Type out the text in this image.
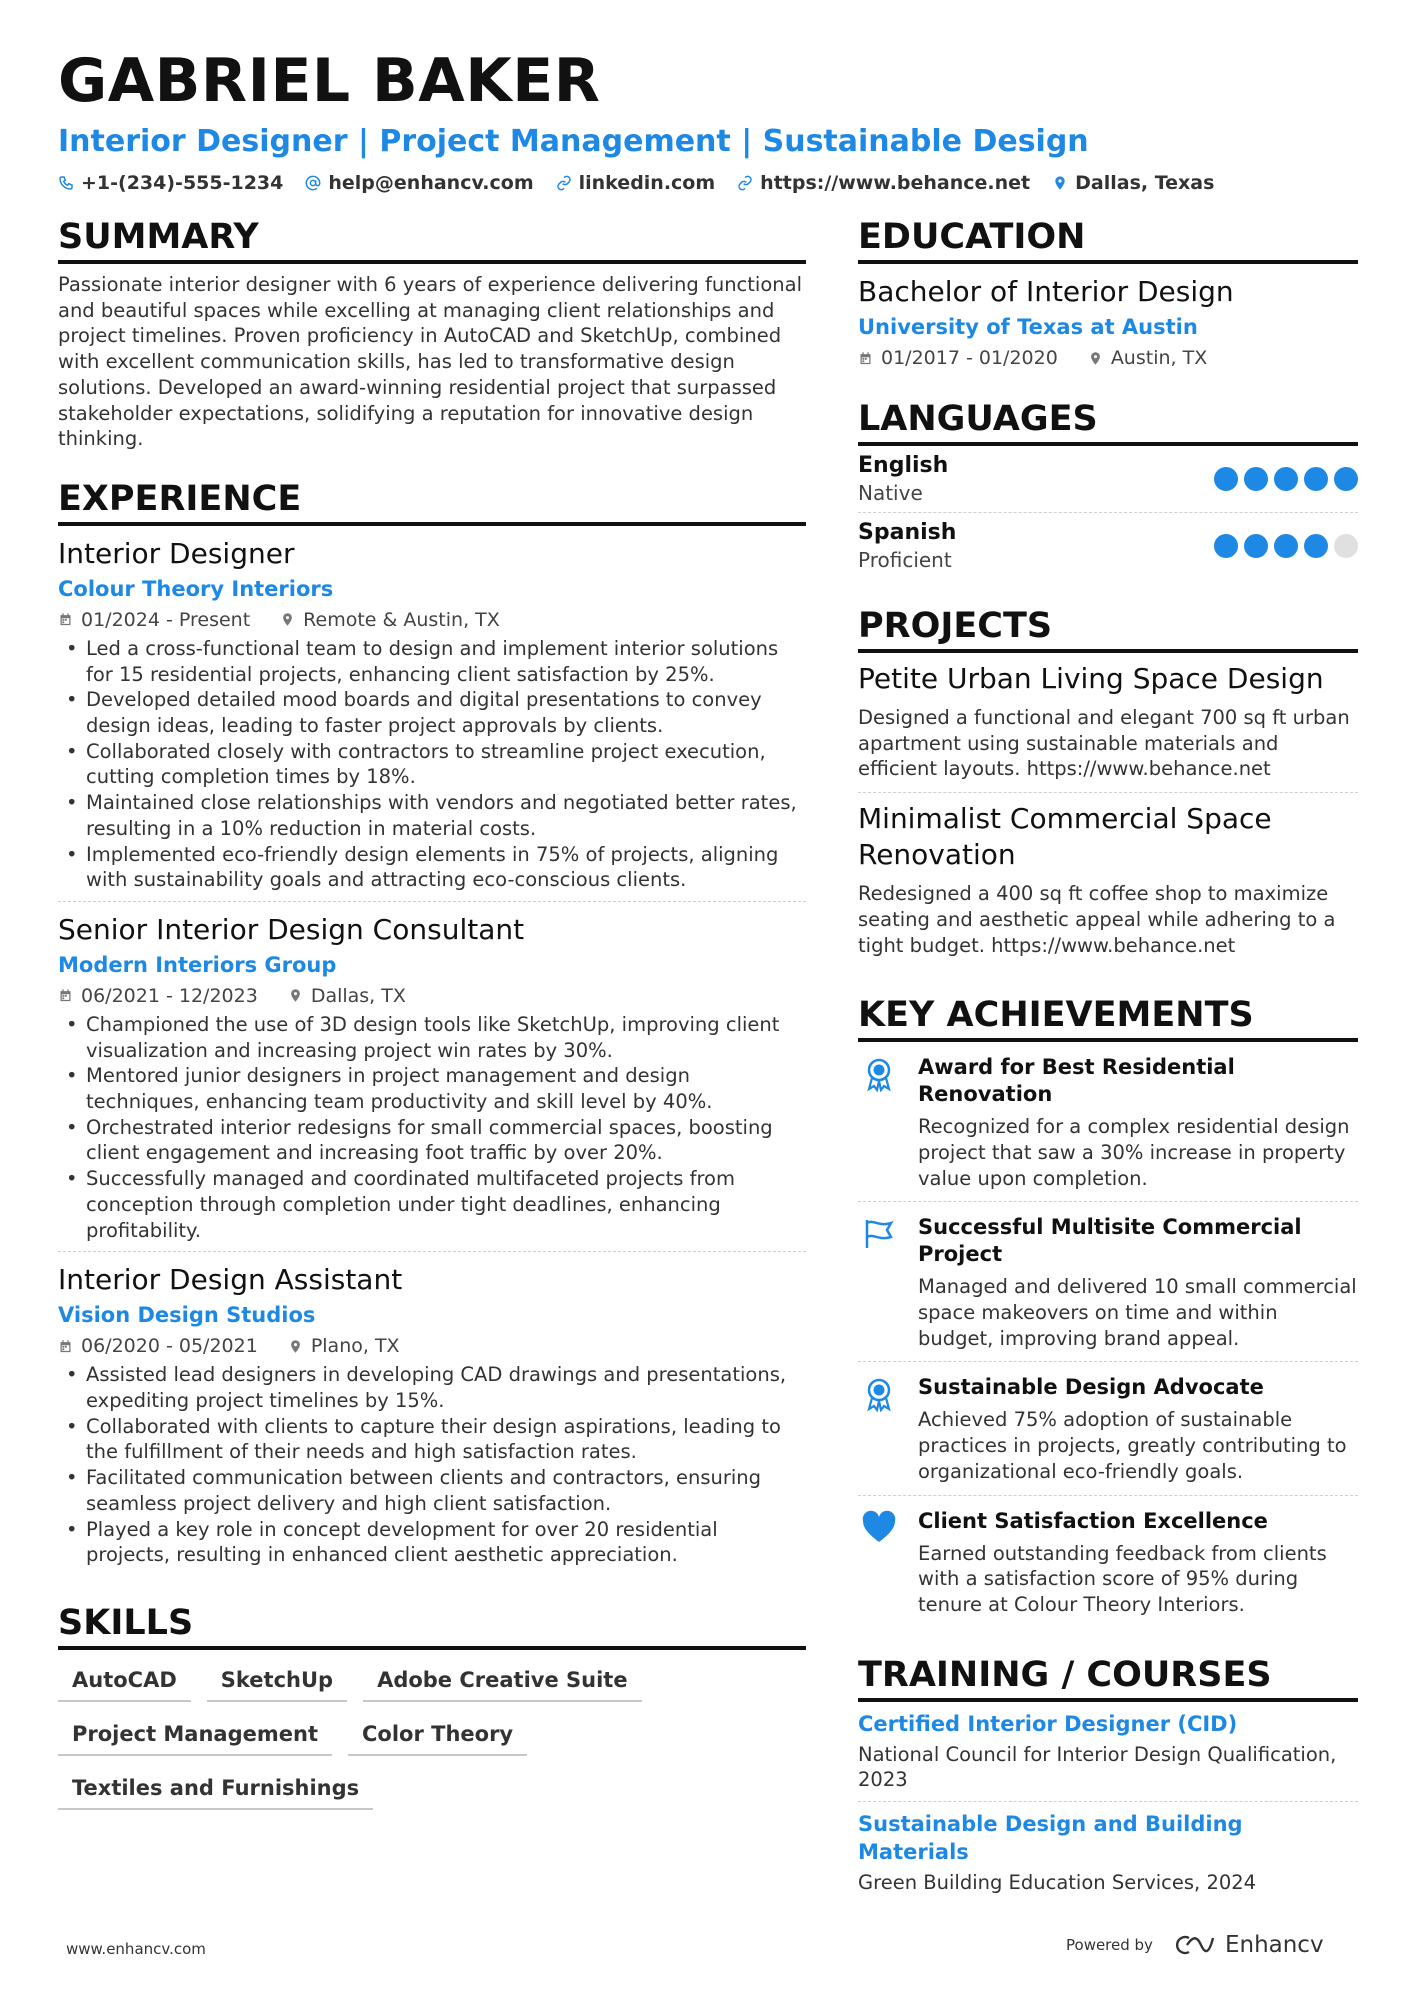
GABRIEL BAKER
Interior Designer | Project Management | Sustainable Design
+1-(234)-555-1234 help@enhancv.com linkedin.com https://www.behance.net Dallas, Texas
SUMMARY
Passionate interior designer with 6 years of experience delivering functional and beautiful spaces while excelling at managing client relationships and project timelines. Proven proficiency in AutoCAD and SketchUp, combined with excellent communication skills, has led to transformative design solutions. Developed an award-winning residential project that surpassed stakeholder expectations, solidifying a reputation for innovative design thinking.
EXPERIENCE
Interior Designer
Colour Theory Interiors
01/2024 - Present	Remote & Austin, TX
• Led a cross-functional team to design and implement interior solutions for 15 residential projects, enhancing client satisfaction by 25%.
• Developed detailed mood boards and digital presentations to convey design ideas, leading to faster project approvals by clients.
• Collaborated closely with contractors to streamline project execution, cutting completion times by 18%.
• Maintained close relationships with vendors and negotiated better rates, resulting in a 10% reduction in material costs.
• Implemented eco-friendly design elements in 75% of projects, aligning with sustainability goals and attracting eco-conscious clients.
Senior Interior Design Consultant
Modern Interiors Group
06/2021 - 12/2023	Dallas, TX
• Championed the use of 3D design tools like SketchUp, improving client visualization and increasing project win rates by 30%.
• Mentored junior designers in project management and design techniques, enhancing team productivity and skill level by 40%.
• Orchestrated interior redesigns for small commercial spaces, boosting client engagement and increasing foot traffic by over 20%.
• Successfully managed and coordinated multifaceted projects from conception through completion under tight deadlines, enhancing profitability.
Interior Design Assistant
Vision Design Studios
06/2020 - 05/2021	Plano, TX
• Assisted lead designers in developing CAD drawings and presentations, expediting project timelines by 15%.
• Collaborated with clients to capture their design aspirations, leading to the fulfillment of their needs and high satisfaction rates.
• Facilitated communication between clients and contractors, ensuring seamless project delivery and high client satisfaction.
• Played a key role in concept development for over 20 residential projects, resulting in enhanced client aesthetic appreciation.
SKILLS
AutoCAD	SketchUp	Adobe Creative Suite
Project Management	Color Theory
Textiles and Furnishings
EDUCATION
Bachelor of Interior Design
University of Texas at Austin
01/2017 - 01/2020	Austin, TX
LANGUAGES
English
Native
Spanish
Proficient
PROJECTS
Petite Urban Living Space Design
Designed a functional and elegant 700 sq ft urban apartment using sustainable materials and efficient layouts. https://www.behance.net
Minimalist Commercial Space Renovation
Redesigned a 400 sq ft coffee shop to maximize seating and aesthetic appeal while adhering to a tight budget. https://www.behance.net
KEY ACHIEVEMENTS
Award for Best Residential Renovation
Recognized for a complex residential design project that saw a 30% increase in property value upon completion.
Successful Multisite Commercial Project
Managed and delivered 10 small commercial space makeovers on time and within budget, improving brand appeal.
Sustainable Design Advocate
Achieved 75% adoption of sustainable practices in projects, greatly contributing to organizational eco-friendly goals.
Client Satisfaction Excellence
Earned outstanding feedback from clients with a satisfaction score of 95% during tenure at Colour Theory Interiors.
TRAINING / COURSES
Certified Interior Designer (CID)
National Council for Interior Design Qualification, 2023
Sustainable Design and Building Materials
Green Building Education Services, 2024
www.enhancv.com	Powered by	Enhancv
